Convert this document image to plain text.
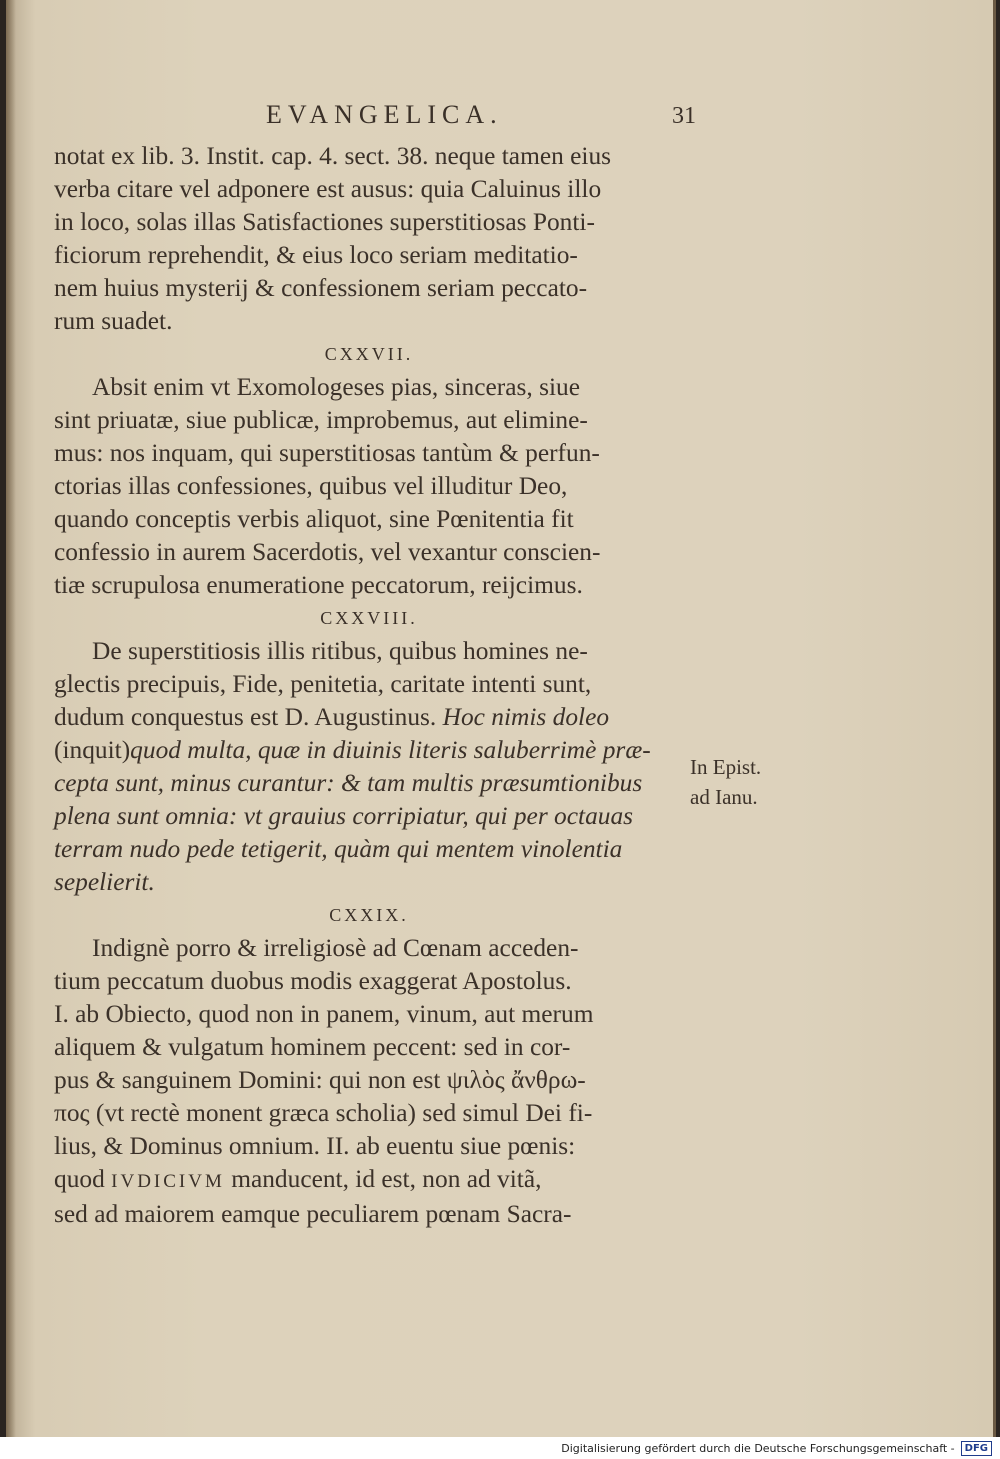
EVANGELICA.	31

notat ex lib. 3. Instit. cap. 4. sect. 38. neque tamen eius
verba citare vel adponere est ausus: quia Caluinus illo
in loco, solas illas Satisfactiones superstitiosas Ponti-
ficiorum reprehendit, & eius loco seriam meditatio-
nem huius mysterij & confessionem seriam peccato-
rum suadet.

CXXVII.

Absit enim vt Exomologeses pias, sinceras, siue
sint priuatæ, siue publicæ, improbemus, aut elimine-
mus: nos inquam, qui superstitiosas tantùm & perfun-
ctorias illas confessiones, quibus vel illuditur Deo,
quando conceptis verbis aliquot, sine Pœnitentia fit
confessio in aurem Sacerdotis, vel vexantur conscien-
tiæ scrupulosa enumeratione peccatorum, reijcimus.

CXXVIII.

De superstitiosis illis ritibus, quibus homines ne-
glectis precipuis, Fide, penitetia, caritate intenti sunt,
dudum conquestus est D. Augustinus. Hoc nimis doleo
(inquit)quod multa, quæ in diuinis literis saluberrimè præ-
cepta sunt, minus curantur: & tam multis præsumtionibus
plena sunt omnia: vt grauius corripiatur, qui per octauas
terram nudo pede tetigerit, quàm qui mentem vinolentia
sepelierit.

CXXIX.

Indignè porro & irreligiosè ad Cœnam acceden-
tium peccatum duobus modis exaggerat Apostolus.
I. ab Obiecto, quod non in panem, vinum, aut merum
aliquem & vulgatum hominem peccent: sed in cor-
pus & sanguinem Domini: qui non est ψιλὸς ἄνθρω-
πος (vt rectè monent græca scholia) sed simul Dei fi-
lius, & Dominus omnium. II. ab euentu siue pœnis:
quod IVDICIVM manducent, id est, non ad vitã,
sed ad maiorem eamque peculiarem pœnam Sacra-

In Epist.
ad Ianu.
Digitalisierung gefördert durch die Deutsche Forschungsgemeinschaft -	DFG
